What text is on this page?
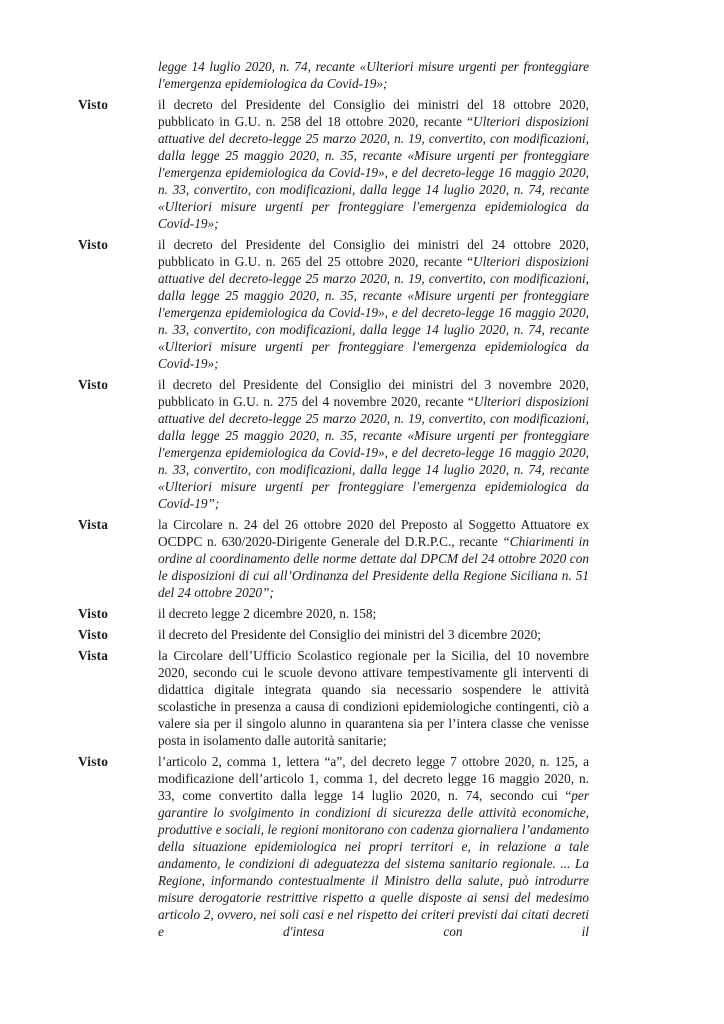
legge 14 luglio 2020, n. 74, recante «Ulteriori misure urgenti per fronteggiare l'emergenza epidemiologica da Covid-19»;
Visto	il decreto del Presidente del Consiglio dei ministri del 18 ottobre 2020, pubblicato in G.U. n. 258 del 18 ottobre 2020, recante “Ulteriori disposizioni attuative del decreto-legge 25 marzo 2020, n. 19, convertito, con modificazioni, dalla legge 25 maggio 2020, n. 35, recante «Misure urgenti per fronteggiare l'emergenza epidemiologica da Covid-19», e del decreto-legge 16 maggio 2020, n. 33, convertito, con modificazioni, dalla legge 14 luglio 2020, n. 74, recante «Ulteriori misure urgenti per fronteggiare l'emergenza epidemiologica da Covid-19»;
Visto	il decreto del Presidente del Consiglio dei ministri del 24 ottobre 2020, pubblicato in G.U. n. 265 del 25 ottobre 2020, recante “Ulteriori disposizioni attuative del decreto-legge 25 marzo 2020, n. 19, convertito, con modificazioni, dalla legge 25 maggio 2020, n. 35, recante «Misure urgenti per fronteggiare l'emergenza epidemiologica da Covid-19», e del decreto-legge 16 maggio 2020, n. 33, convertito, con modificazioni, dalla legge 14 luglio 2020, n. 74, recante «Ulteriori misure urgenti per fronteggiare l'emergenza epidemiologica da Covid-19»;
Visto	il decreto del Presidente del Consiglio dei ministri del 3 novembre 2020, pubblicato in G.U. n. 275 del 4 novembre 2020, recante “Ulteriori disposizioni attuative del decreto-legge 25 marzo 2020, n. 19, convertito, con modificazioni, dalla legge 25 maggio 2020, n. 35, recante «Misure urgenti per fronteggiare l'emergenza epidemiologica da Covid-19», e del decreto-legge 16 maggio 2020, n. 33, convertito, con modificazioni, dalla legge 14 luglio 2020, n. 74, recante «Ulteriori misure urgenti per fronteggiare l'emergenza epidemiologica da Covid-19”;
Vista	la Circolare n. 24 del 26 ottobre 2020 del Preposto al Soggetto Attuatore ex OCDPC n. 630/2020-Dirigente Generale del D.R.P.C., recante “Chiarimenti in ordine al coordinamento delle norme dettate dal DPCM del 24 ottobre 2020 con le disposizioni di cui all’Ordinanza del Presidente della Regione Siciliana n. 51 del 24 ottobre 2020”;
Visto	il decreto legge 2 dicembre 2020, n. 158;
Visto	il decreto del Presidente del Consiglio dei ministri del 3 dicembre 2020;
Vista	la Circolare dell’Ufficio Scolastico regionale per la Sicilia, del 10 novembre 2020, secondo cui le scuole devono attivare tempestivamente gli interventi di didattica digitale integrata quando sia necessario sospendere le attività scolastiche in presenza a causa di condizioni epidemiologiche contingenti, ciò a valere sia per il singolo alunno in quarantena sia per l’intera classe che venisse posta in isolamento dalle autorità sanitarie;
Visto	l’articolo 2, comma 1, lettera “a”, del decreto legge 7 ottobre 2020, n. 125, a modificazione dell’articolo 1, comma 1, del decreto legge 16 maggio 2020, n. 33, come convertito dalla legge 14 luglio 2020, n. 74, secondo cui “per garantire lo svolgimento in condizioni di sicurezza delle attività economiche, produttive e sociali, le regioni monitorano con cadenza giornaliera l’andamento della situazione epidemiologica nei propri territori e, in relazione a tale andamento, le condizioni di adeguatezza del sistema sanitario regionale. ... La Regione, informando contestualmente il Ministro della salute, può introdurre misure derogatorie restrittive rispetto a quelle disposte ai sensi del medesimo articolo 2, ovvero, nei soli casi e nel rispetto dei criteri previsti dai citati decreti e d'intesa con il
